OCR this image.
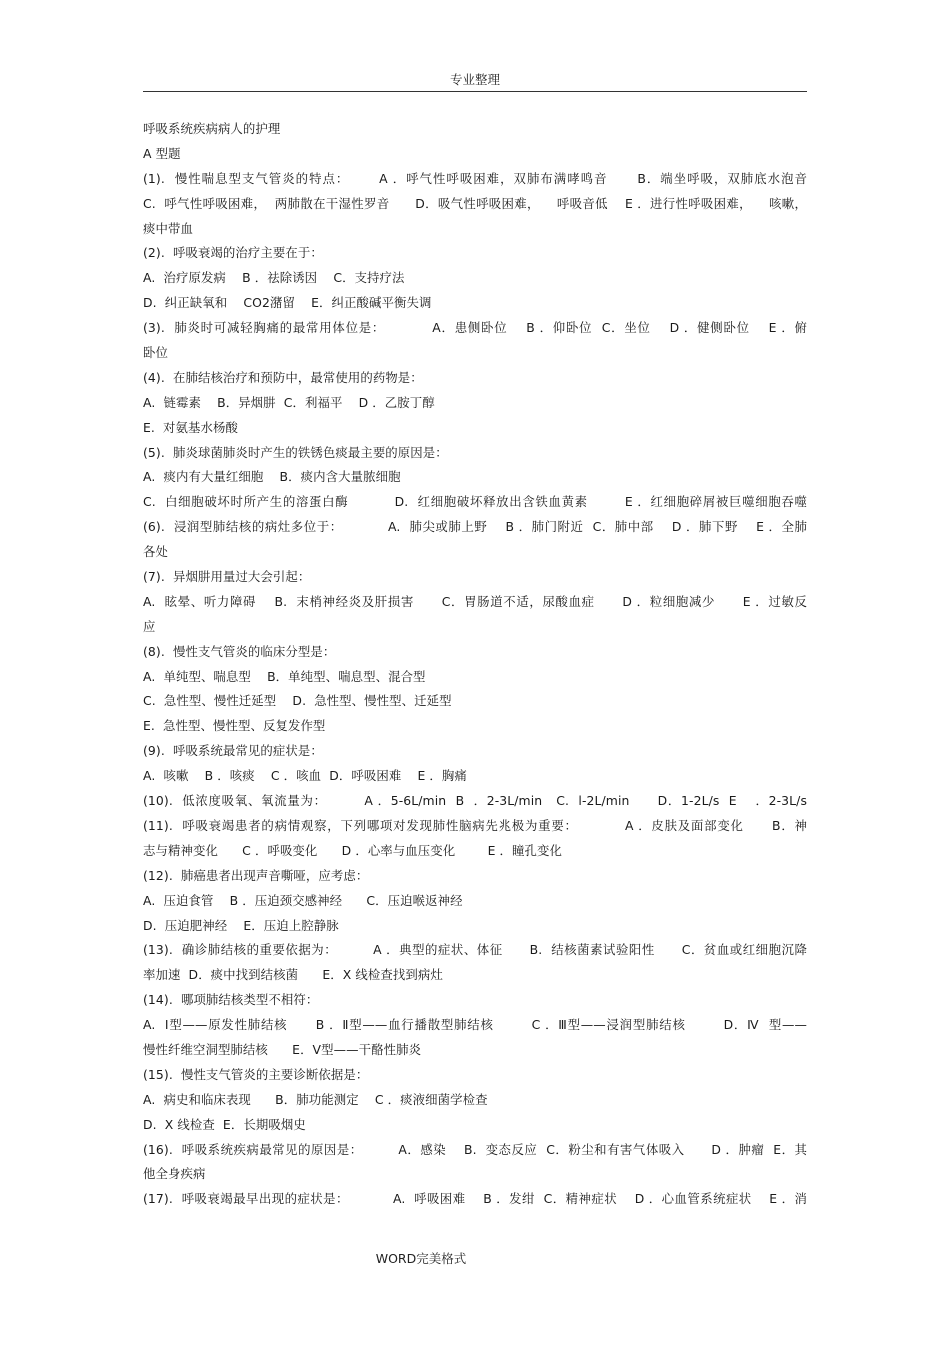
专业整理
呼吸系统疾病病人的护理
A 型题
(1).  慢性喘息型支气管炎的特点：      A ．呼气性呼吸困难，双肺布满哮鸣音      B．端坐呼吸，双肺底水泡音
C.  呼气性呼吸困难，  两肺散在干湿性罗音      D．吸气性呼吸困难，    呼吸音低    E ．进行性呼吸困难，    咳嗽，
痰中带血
(2).  呼吸衰竭的治疗主要在于：
A.  治疗原发病    B ．祛除诱因    C．支持疗法
D.  纠正缺氧和    CO2潴留    E．纠正酸碱平衡失调
(3).  肺炎时可减轻胸痛的最常用体位是：          A．患侧卧位    B ．仰卧位  C．坐位    D ．健侧卧位    E ．俯
卧位
(4).  在肺结核治疗和预防中，最常使用的药物是：
A.  链霉素    B．异烟肼  C．利福平    D ．乙胺丁醇
E.  对氨基水杨酸
(5).  肺炎球菌肺炎时产生的铁锈色痰最主要的原因是：
A.  痰内有大量红细胞    B．痰内含大量脓细胞
C.  白细胞破坏时所产生的溶蛋白酶          D.  红细胞破坏释放出含铁血黄素        E ．红细胞碎屑被巨噬细胞吞噬
(6).  浸润型肺结核的病灶多位于：          A.  肺尖或肺上野    B ．肺门附近  C．肺中部    D ．肺下野    E ．全肺
各处
(7).  异烟肼用量过大会引起：
A.  眩晕、听力障碍    B.  末梢神经炎及肝损害      C．胃肠道不适，尿酸血症      D ．粒细胞减少      E ．过敏反
应
(8).  慢性支气管炎的临床分型是：
A.  单纯型、喘息型    B．单纯型、喘息型、混合型
C.  急性型、慢性迁延型    D.  急性型、慢性型、迁延型
E.  急性型、慢性型、反复发作型
(9).  呼吸系统最常见的症状是：
A.  咳嗽    B ．咳痰    C ．咳血  D．呼吸困难    E ．胸痛
(10).  低浓度吸氧、氧流量为：        A ．5-6L/min  B  ．2-3L/min   C.  l-2L/min      D．1-2L/s  E    ．2-3L/s
(11).  呼吸衰竭患者的病情观察，下列哪项对发现肺性脑病先兆极为重要：          A ．皮肤及面部变化      B．神
志与精神变化      C ．呼吸变化      D ．心率与血压变化        E ．瞳孔变化
(12).  肺癌患者出现声音嘶哑，应考虑：
A.  压迫食管    B ．压迫颈交感神经      C．压迫喉返神经
D.  压迫肥神经    E．压迫上腔静脉
(13).  确诊肺结核的重要依据为：        A ．典型的症状、体征      B.  结核菌素试验阳性      C．贫血或红细胞沉降
率加速  D．痰中找到结核菌      E．X 线检查找到病灶
(14).  哪项肺结核类型不相符：
A.  Ⅰ型——原发性肺结核      B ．Ⅱ型——血行播散型肺结核        C ．Ⅲ型——浸润型肺结核        D．Ⅳ  型——
慢性纤维空洞型肺结核      E．Ⅴ型——干酪性肺炎
(15).  慢性支气管炎的主要诊断依据是：
A.  病史和临床表现      B．肺功能测定    C ．痰液细菌学检查
D.  X 线检查  E．长期吸烟史
(16).  呼吸系统疾病最常见的原因是：        A．感染    B.  变态反应  C．粉尘和有害气体吸入      D ．肿瘤  E．其
他全身疾病
(17).  呼吸衰竭最早出现的症状是：          A.  呼吸困难    B ．发绀  C．精神症状    D ．心血管系统症状    E ．消
WORD完美格式
